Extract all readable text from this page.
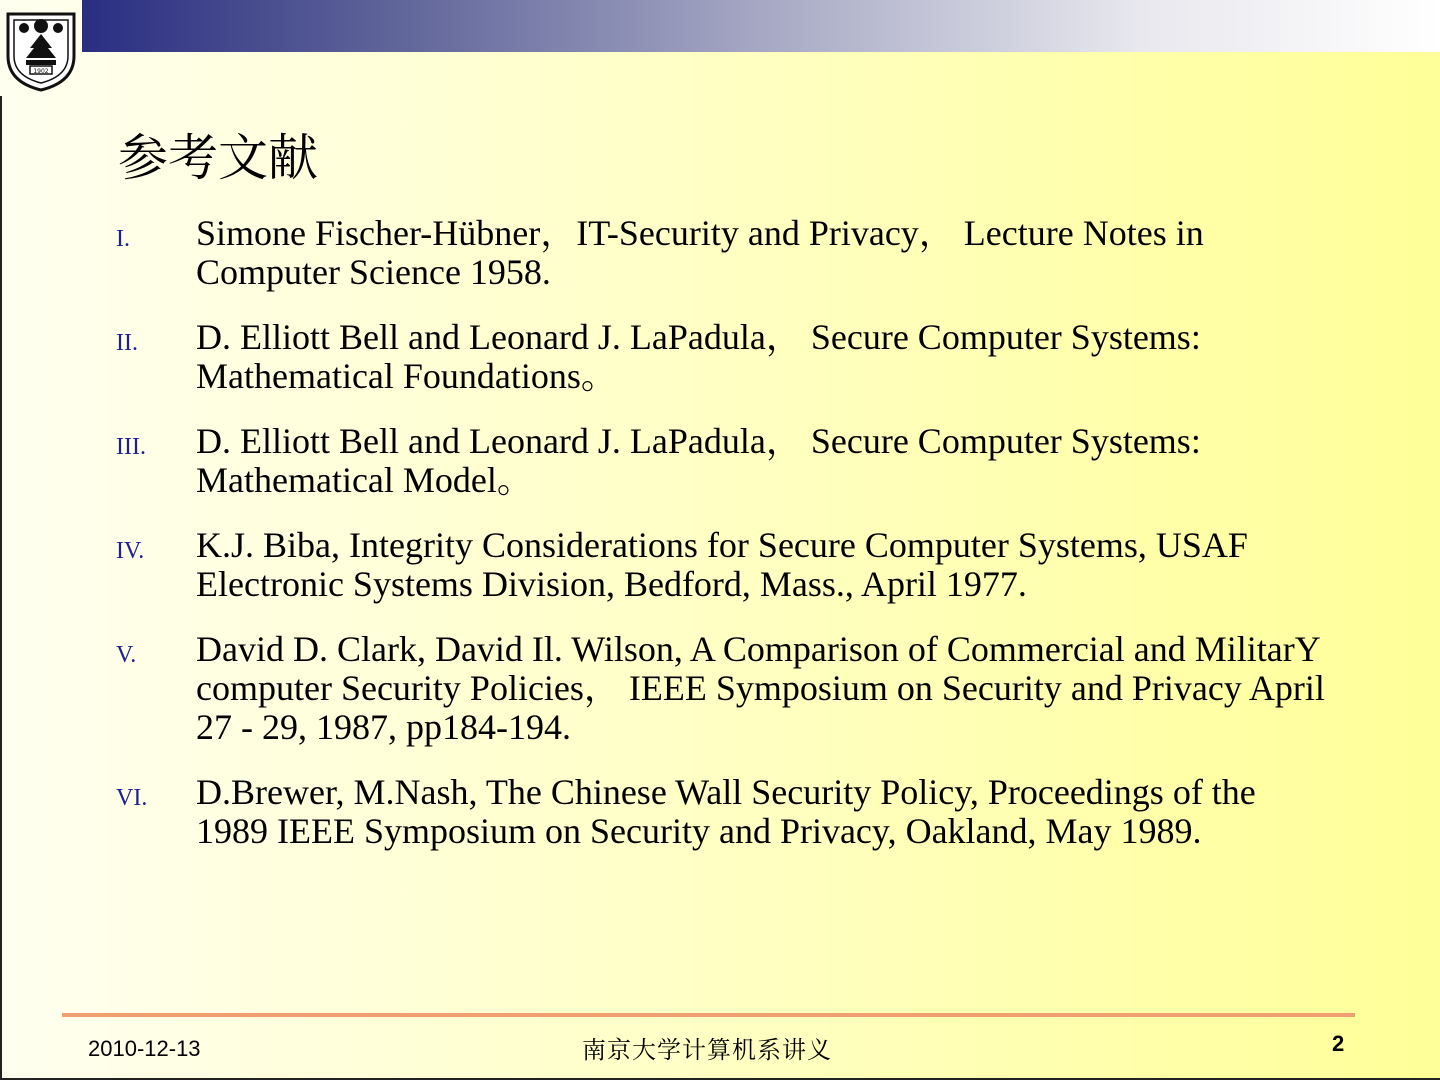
1902
参考文献
I. Simone Fischer-Hübner，IT-Security and Privacy， Lecture Notes in Computer Science 1958.
II. D. Elliott Bell and Leonard J. LaPadula， Secure Computer Systems: Mathematical Foundations。
III. D. Elliott Bell and Leonard J. LaPadula， Secure Computer Systems: Mathematical Model。
IV. K.J. Biba, Integrity Considerations for Secure Computer Systems, USAF Electronic Systems Division, Bedford, Mass., April 1977.
V. David D. Clark, David Il. Wilson, A Comparison of Commercial and MilitarY computer Security Policies， IEEE Symposium on Security and Privacy April 27 - 29, 1987, pp184-194.
VI. D.Brewer, M.Nash, The Chinese Wall Security Policy, Proceedings of the 1989 IEEE Symposium on Security and Privacy, Oakland, May 1989.
2010-12-13	南京大学计算机系讲义	2
